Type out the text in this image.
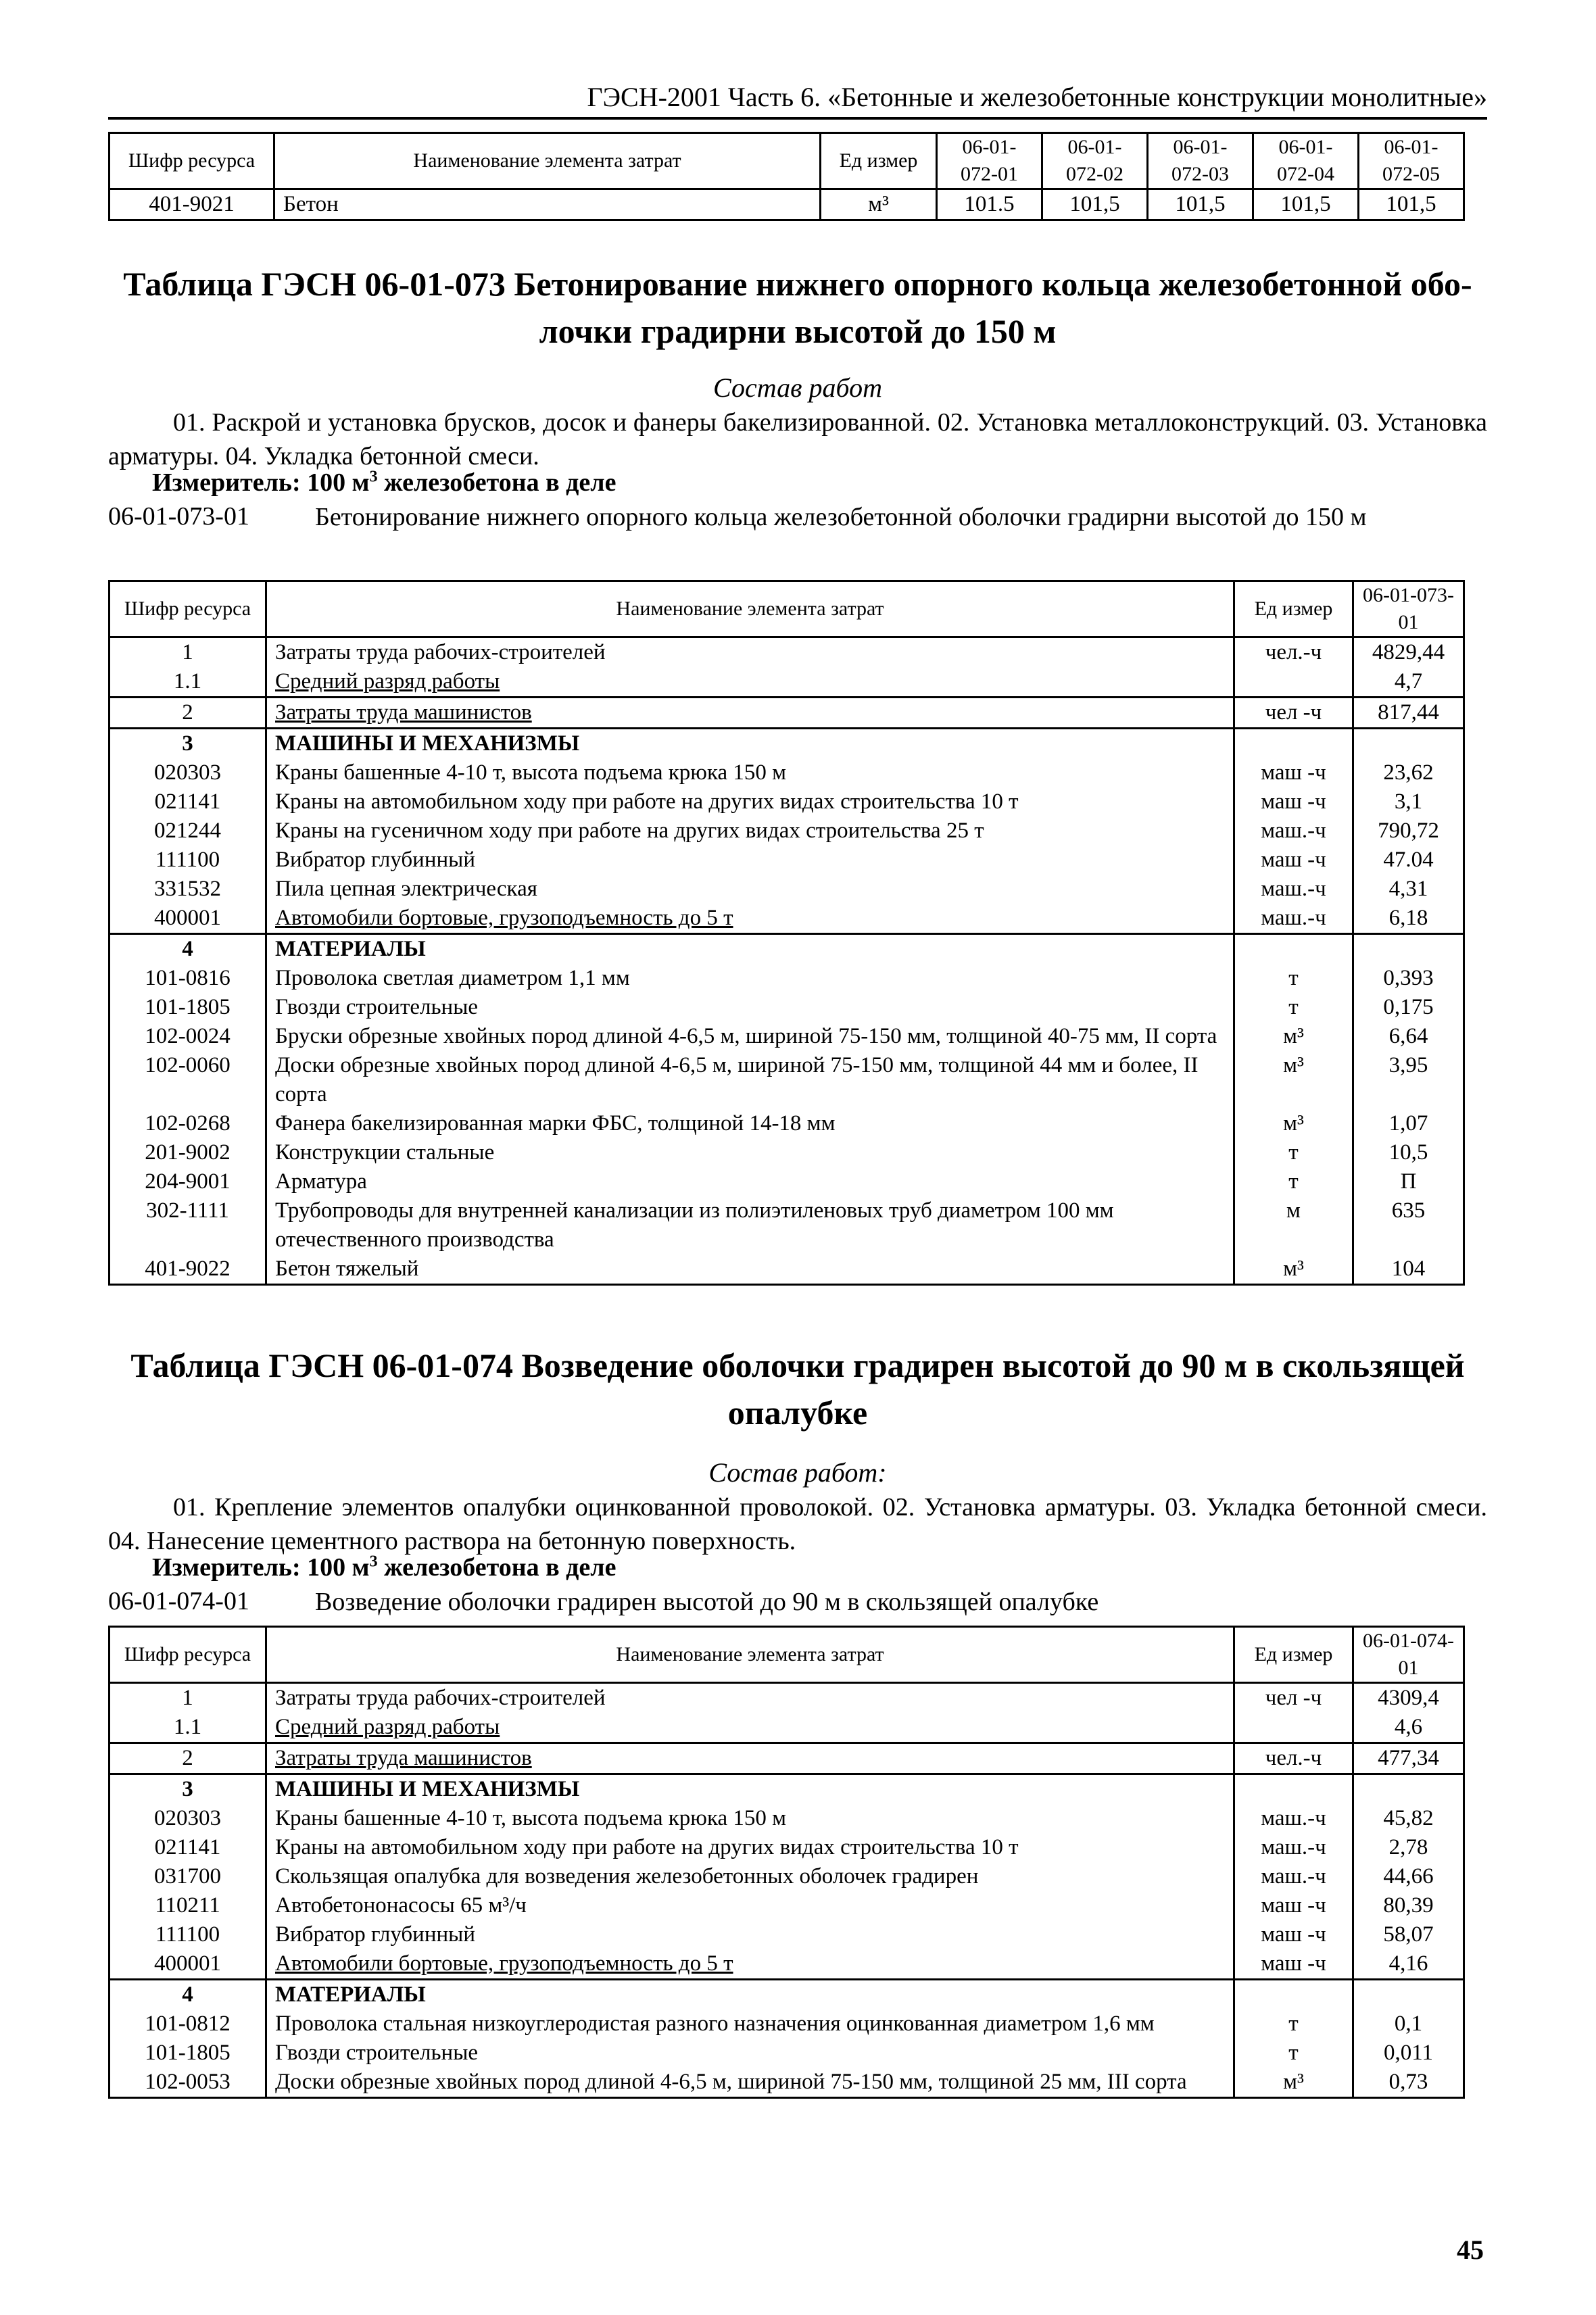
ГЭСН-2001 Часть 6. «Бетонные и железобетонные конструкции монолитные»
Шифр ресурса	Наименование элемента затрат	Ед измер	06-01-072-01	06-01-072-02	06-01-072-03	06-01-072-04	06-01-072-05
401-9021	Бетон	м³	101.5	101,5	101,5	101,5	101,5
Таблица ГЭСН 06-01-073 Бетонирование нижнего опорного кольца железобетонной обо-
лочки градирни высотой до 150 м
Состав работ
01. Раскрой и установка брусков, досок и фанеры бакелизированной. 02. Установка металлоконструкций. 03. Установка арматуры. 04. Укладка бетонной смеси.
Измеритель: 100 $м^3$ железобетона в деле
06-01-073-01	Бетонирование нижнего опорного кольца железобетонной оболочки градирни высотой до 150 м
Шифр ресурса	Наименование элемента затрат	Ед измер	06-01-073-01
1	Затраты труда рабочих-строителей	чел.-ч	4829,44
1.1	Средний разряд работы		4,7
2	Затраты труда машинистов	чел -ч	817,44
3	МАШИНЫ И МЕХАНИЗМЫ		
020303	Краны башенные 4-10 т, высота подъема крюка 150 м	маш -ч	23,62
021141	Краны на автомобильном ходу при работе на других видах строительства 10 т	маш -ч	3,1
021244	Краны на гусеничном ходу при работе на других видах строительства 25 т	маш.-ч	790,72
111100	Вибратор глубинный	маш -ч	47.04
331532	Пила цепная электрическая	маш.-ч	4,31
400001	Автомобили бортовые, грузоподъемность до 5 т	маш.-ч	6,18
4	МАТЕРИАЛЫ		
101-0816	Проволока светлая диаметром 1,1 мм	т	0,393
101-1805	Гвозди строительные	т	0,175
102-0024	Бруски обрезные хвойных пород длиной 4-6,5 м, шириной 75-150 мм, толщиной 40-75 мм, II сорта	м³	6,64
102-0060	Доски обрезные хвойных пород длиной 4-6,5 м, шириной 75-150 мм, толщиной 44 мм и более, II сорта	м³	3,95
102-0268	Фанера бакелизированная марки ФБС, толщиной 14-18 мм	м³	1,07
201-9002	Конструкции стальные	т	10,5
204-9001	Арматура	т	П
302-1111	Трубопроводы для внутренней канализации из полиэтиленовых труб диаметром 100 мм отечественного производства	м	635
401-9022	Бетон тяжелый	м³	104
Таблица ГЭСН 06-01-074 Возведение оболочки градирен высотой до 90 м в скользящей
опалубке
Состав работ:
01. Крепление элементов опалубки оцинкованной проволокой. 02. Установка арматуры. 03. Укладка бетонной смеси. 04. Нанесение цементного раствора на бетонную поверхность.
Измеритель: 100 $м^3$ железобетона в деле
06-01-074-01	Возведение оболочки градирен высотой до 90 м в скользящей опалубке
Шифр ресурса	Наименование элемента затрат	Ед измер	06-01-074-01
1	Затраты труда рабочих-строителей	чел -ч	4309,4
1.1	Средний разряд работы		4,6
2	Затраты труда машинистов	чел.-ч	477,34
3	МАШИНЫ И МЕХАНИЗМЫ		
020303	Краны башенные 4-10 т, высота подъема крюка 150 м	маш.-ч	45,82
021141	Краны на автомобильном ходу при работе на других видах строительства 10 т	маш.-ч	2,78
031700	Скользящая опалубка для возведения железобетонных оболочек градирен	маш.-ч	44,66
110211	Автобетононасосы 65 м³/ч	маш -ч	80,39
111100	Вибратор глубинный	маш -ч	58,07
400001	Автомобили бортовые, грузоподъемность до 5 т	маш -ч	4,16
4	МАТЕРИАЛЫ		
101-0812	Проволока стальная низкоуглеродистая разного назначения оцинкованная диаметром 1,6 мм	т	0,1
101-1805	Гвозди строительные	т	0,011
102-0053	Доски обрезные хвойных пород длиной 4-6,5 м, шириной 75-150 мм, толщиной 25 мм, III сорта	м³	0,73
45
